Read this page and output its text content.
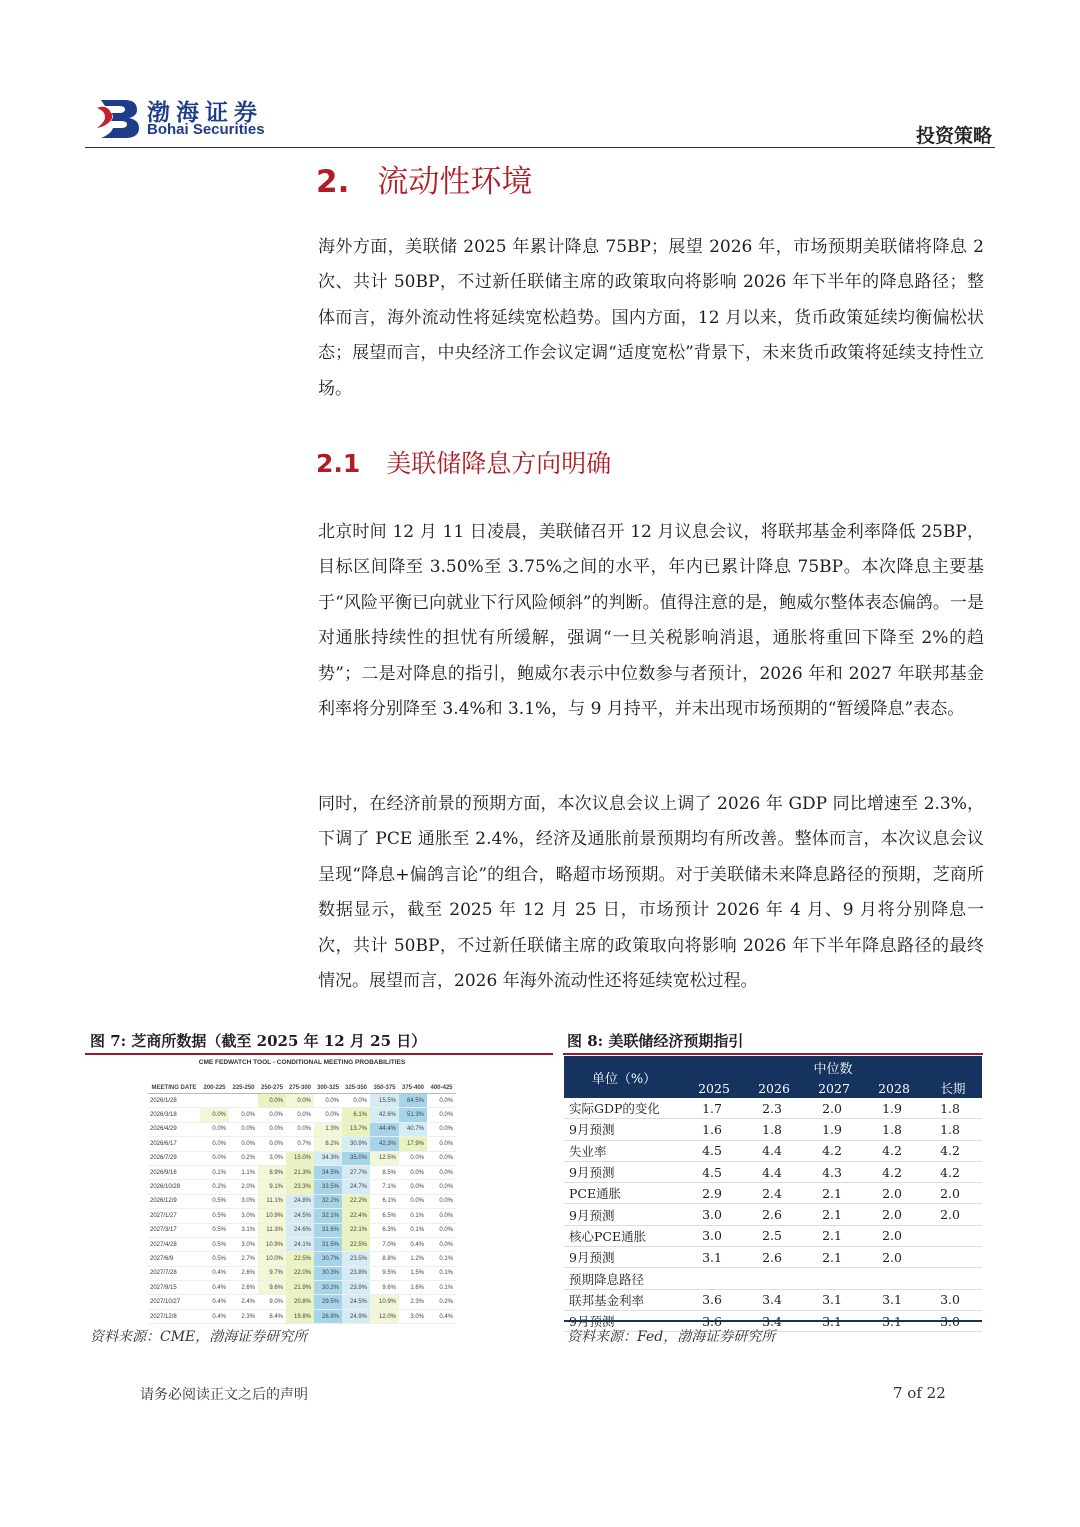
渤海证券
Bohai Securities	投资策略
2. 流动性环境
海外方面，美联储 2025 年累计降息 75BP；展望 2026 年，市场预期美联储将降息 2 次、共计 50BP，不过新任联储主席的政策取向将影响 2026 年下半年的降息路径；整体而言，海外流动性将延续宽松趋势。国内方面，12 月以来，货币政策延续均衡偏松状态；展望而言，中央经济工作会议定调“适度宽松”背景下，未来货币政策将延续支持性立场。
2.1 美联储降息方向明确
北京时间 12 月 11 日凌晨，美联储召开 12 月议息会议，将联邦基金利率降低 25BP，目标区间降至 3.50%至 3.75%之间的水平，年内已累计降息 75BP。本次降息主要基于“风险平衡已向就业下行风险倾斜”的判断。值得注意的是，鲍威尔整体表态偏鸽。一是对通胀持续性的担忧有所缓解，强调“一旦关税影响消退，通胀将重回下降至 2%的趋势”；二是对降息的指引，鲍威尔表示中位数参与者预计，2026 年和 2027 年联邦基金利率将分别降至 3.4%和 3.1%，与 9 月持平，并未出现市场预期的“暂缓降息”表态。
同时，在经济前景的预期方面，本次议息会议上调了 2026 年 GDP 同比增速至 2.3%，下调了 PCE 通胀至 2.4%，经济及通胀前景预期均有所改善。整体而言，本次议息会议呈现“降息+偏鸽言论”的组合，略超市场预期。对于美联储未来降息路径的预期，芝商所数据显示，截至 2025 年 12 月 25 日，市场预计 2026 年 4 月、9 月将分别降息一次，共计 50BP，不过新任联储主席的政策取向将影响 2026 年下半年降息路径的最终情况。展望而言，2026 年海外流动性还将延续宽松过程。
图 7: 芝商所数据（截至 2025 年 12 月 25 日）
CME FEDWATCH TOOL - CONDITIONAL MEETING PROBABILITIES
MEETING DATE	200-225	225-250	250-275	275-300	300-325	325-350	350-375	375-400	400-425
2026/1/28			0.0%	0.0%	0.0%	0.0%	15.5%	84.5%	0.0%
2026/3/18	0.0%	0.0%	0.0%	0.0%	0.0%	6.1%	42.6%	51.3%	0.0%
2026/4/29	0.0%	0.0%	0.0%	0.0%	1.3%	13.7%	44.4%	40.7%	0.0%
2026/6/17	0.0%	0.0%	0.0%	0.7%	8.2%	30.9%	42.3%	17.9%	0.0%
2026/7/29	0.0%	0.2%	3.0%	15.0%	34.3%	35.0%	12.5%	0.0%	0.0%
2026/9/16	0.1%	1.1%	8.9%	21.3%	34.5%	27.7%	8.5%	0.0%	0.0%
2026/10/28	0.2%	2.0%	9.1%	23.3%	33.5%	24.7%	7.1%	0.0%	0.0%
2026/12/9	0.5%	3.0%	11.1%	24.8%	32.2%	22.2%	6.1%	0.0%	0.0%
2027/1/27	0.5%	3.0%	10.9%	24.5%	32.1%	22.4%	6.5%	0.1%	0.0%
2027/3/17	0.5%	3.1%	11.3%	24.6%	31.6%	22.1%	6.3%	0.1%	0.0%
2027/4/28	0.5%	3.0%	10.9%	24.1%	31.5%	22.5%	7.0%	0.4%	0.0%
2027/6/9	0.5%	2.7%	10.0%	22.5%	30.7%	23.5%	8.8%	1.2%	0.1%
2027/7/28	0.4%	2.6%	9.7%	22.0%	30.3%	23.8%	9.5%	1.5%	0.1%
2027/9/15	0.4%	2.6%	9.6%	21.9%	30.2%	23.9%	9.6%	1.6%	0.1%
2027/10/27	0.4%	2.4%	9.0%	20.8%	29.5%	24.5%	10.9%	2.3%	0.2%
2027/12/8	0.4%	2.3%	8.4%	19.8%	28.8%	24.9%	12.0%	3.0%	0.4%
资料来源：CME，渤海证券研究所
图 8: 美联储经济预期指引
单位（%）	中位数				
	2025	2026	2027	2028	长期
实际GDP的变化	1.7	2.3	2.0	1.9	1.8
9月预测	1.6	1.8	1.9	1.8	1.8
失业率	4.5	4.4	4.2	4.2	4.2
9月预测	4.5	4.4	4.3	4.2	4.2
PCE通胀	2.9	2.4	2.1	2.0	2.0
9月预测	3.0	2.6	2.1	2.0	2.0
核心PCE通胀	3.0	2.5	2.1	2.0	
9月预测	3.1	2.6	2.1	2.0	
预期降息路径					
联邦基金利率	3.6	3.4	3.1	3.1	3.0
9月预测	3.6	3.4	3.1	3.1	3.0
资料来源：Fed，渤海证券研究所
请务必阅读正文之后的声明	7 of 22
